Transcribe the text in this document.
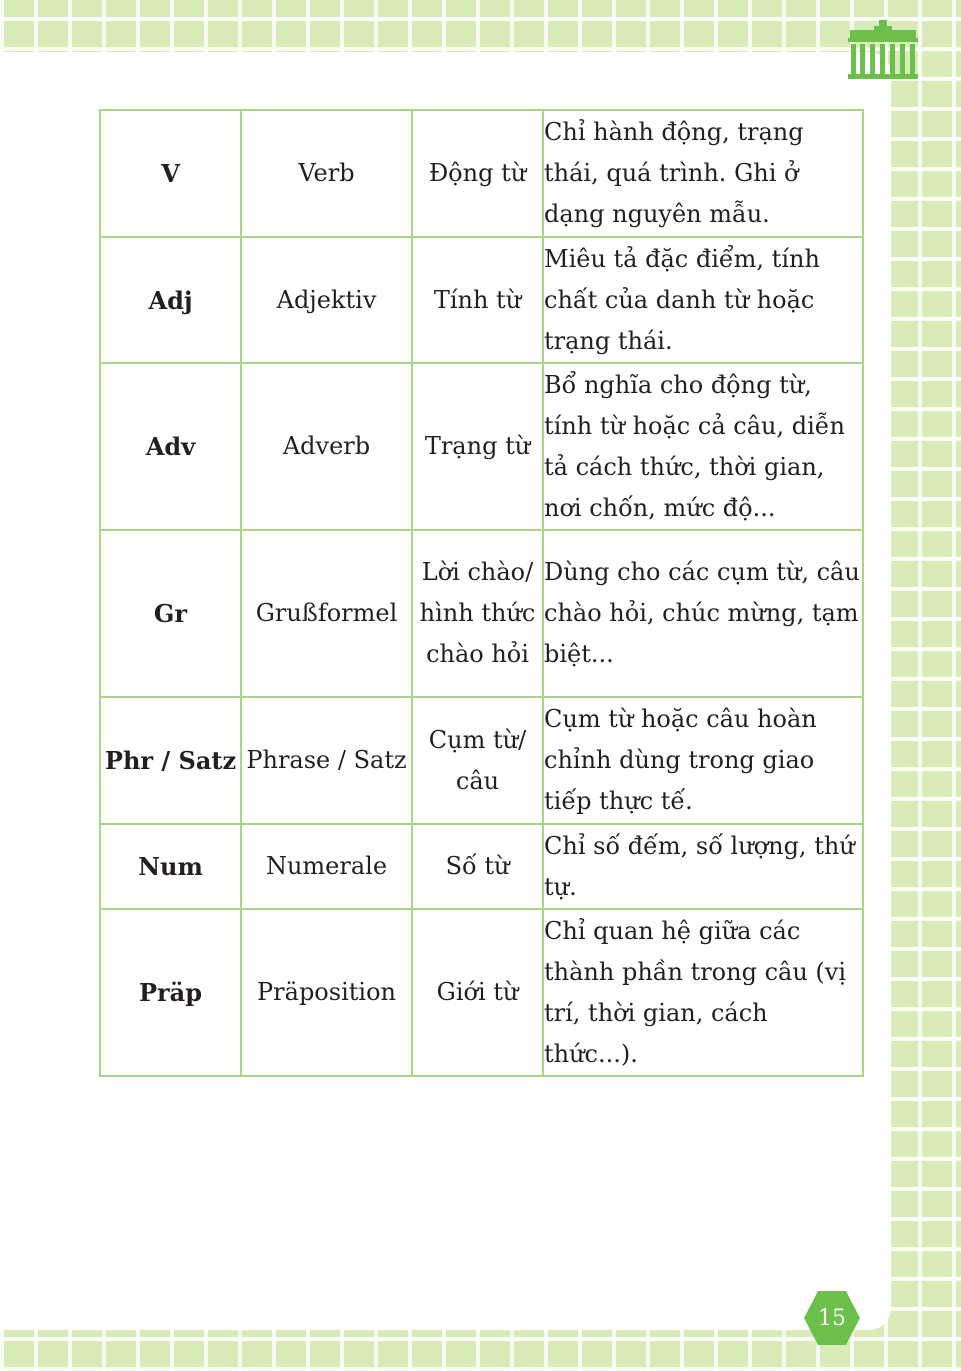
V	Verb	Động từ	Chỉ hành động, trạng thái, quá trình. Ghi ở dạng nguyên mẫu.
Adj	Adjektiv	Tính từ	Miêu tả đặc điểm, tính chất của danh từ hoặc trạng thái.
Adv	Adverb	Trạng từ	Bổ nghĩa cho động từ, tính từ hoặc cả câu, diễn tả cách thức, thời gian, nơi chốn, mức độ...
Gr	Grußformel	Lời chào/ hình thức chào hỏi	Dùng cho các cụm từ, câu chào hỏi, chúc mừng, tạm biệt...
Phr / Satz	Phrase / Satz	Cụm từ/ câu	Cụm từ hoặc câu hoàn chỉnh dùng trong giao tiếp thực tế.
Num	Numerale	Số từ	Chỉ số đếm, số lượng, thứ tự.
Präp	Präposition	Giới từ	Chỉ quan hệ giữa các thành phần trong câu (vị trí, thời gian, cách thức...).
15
